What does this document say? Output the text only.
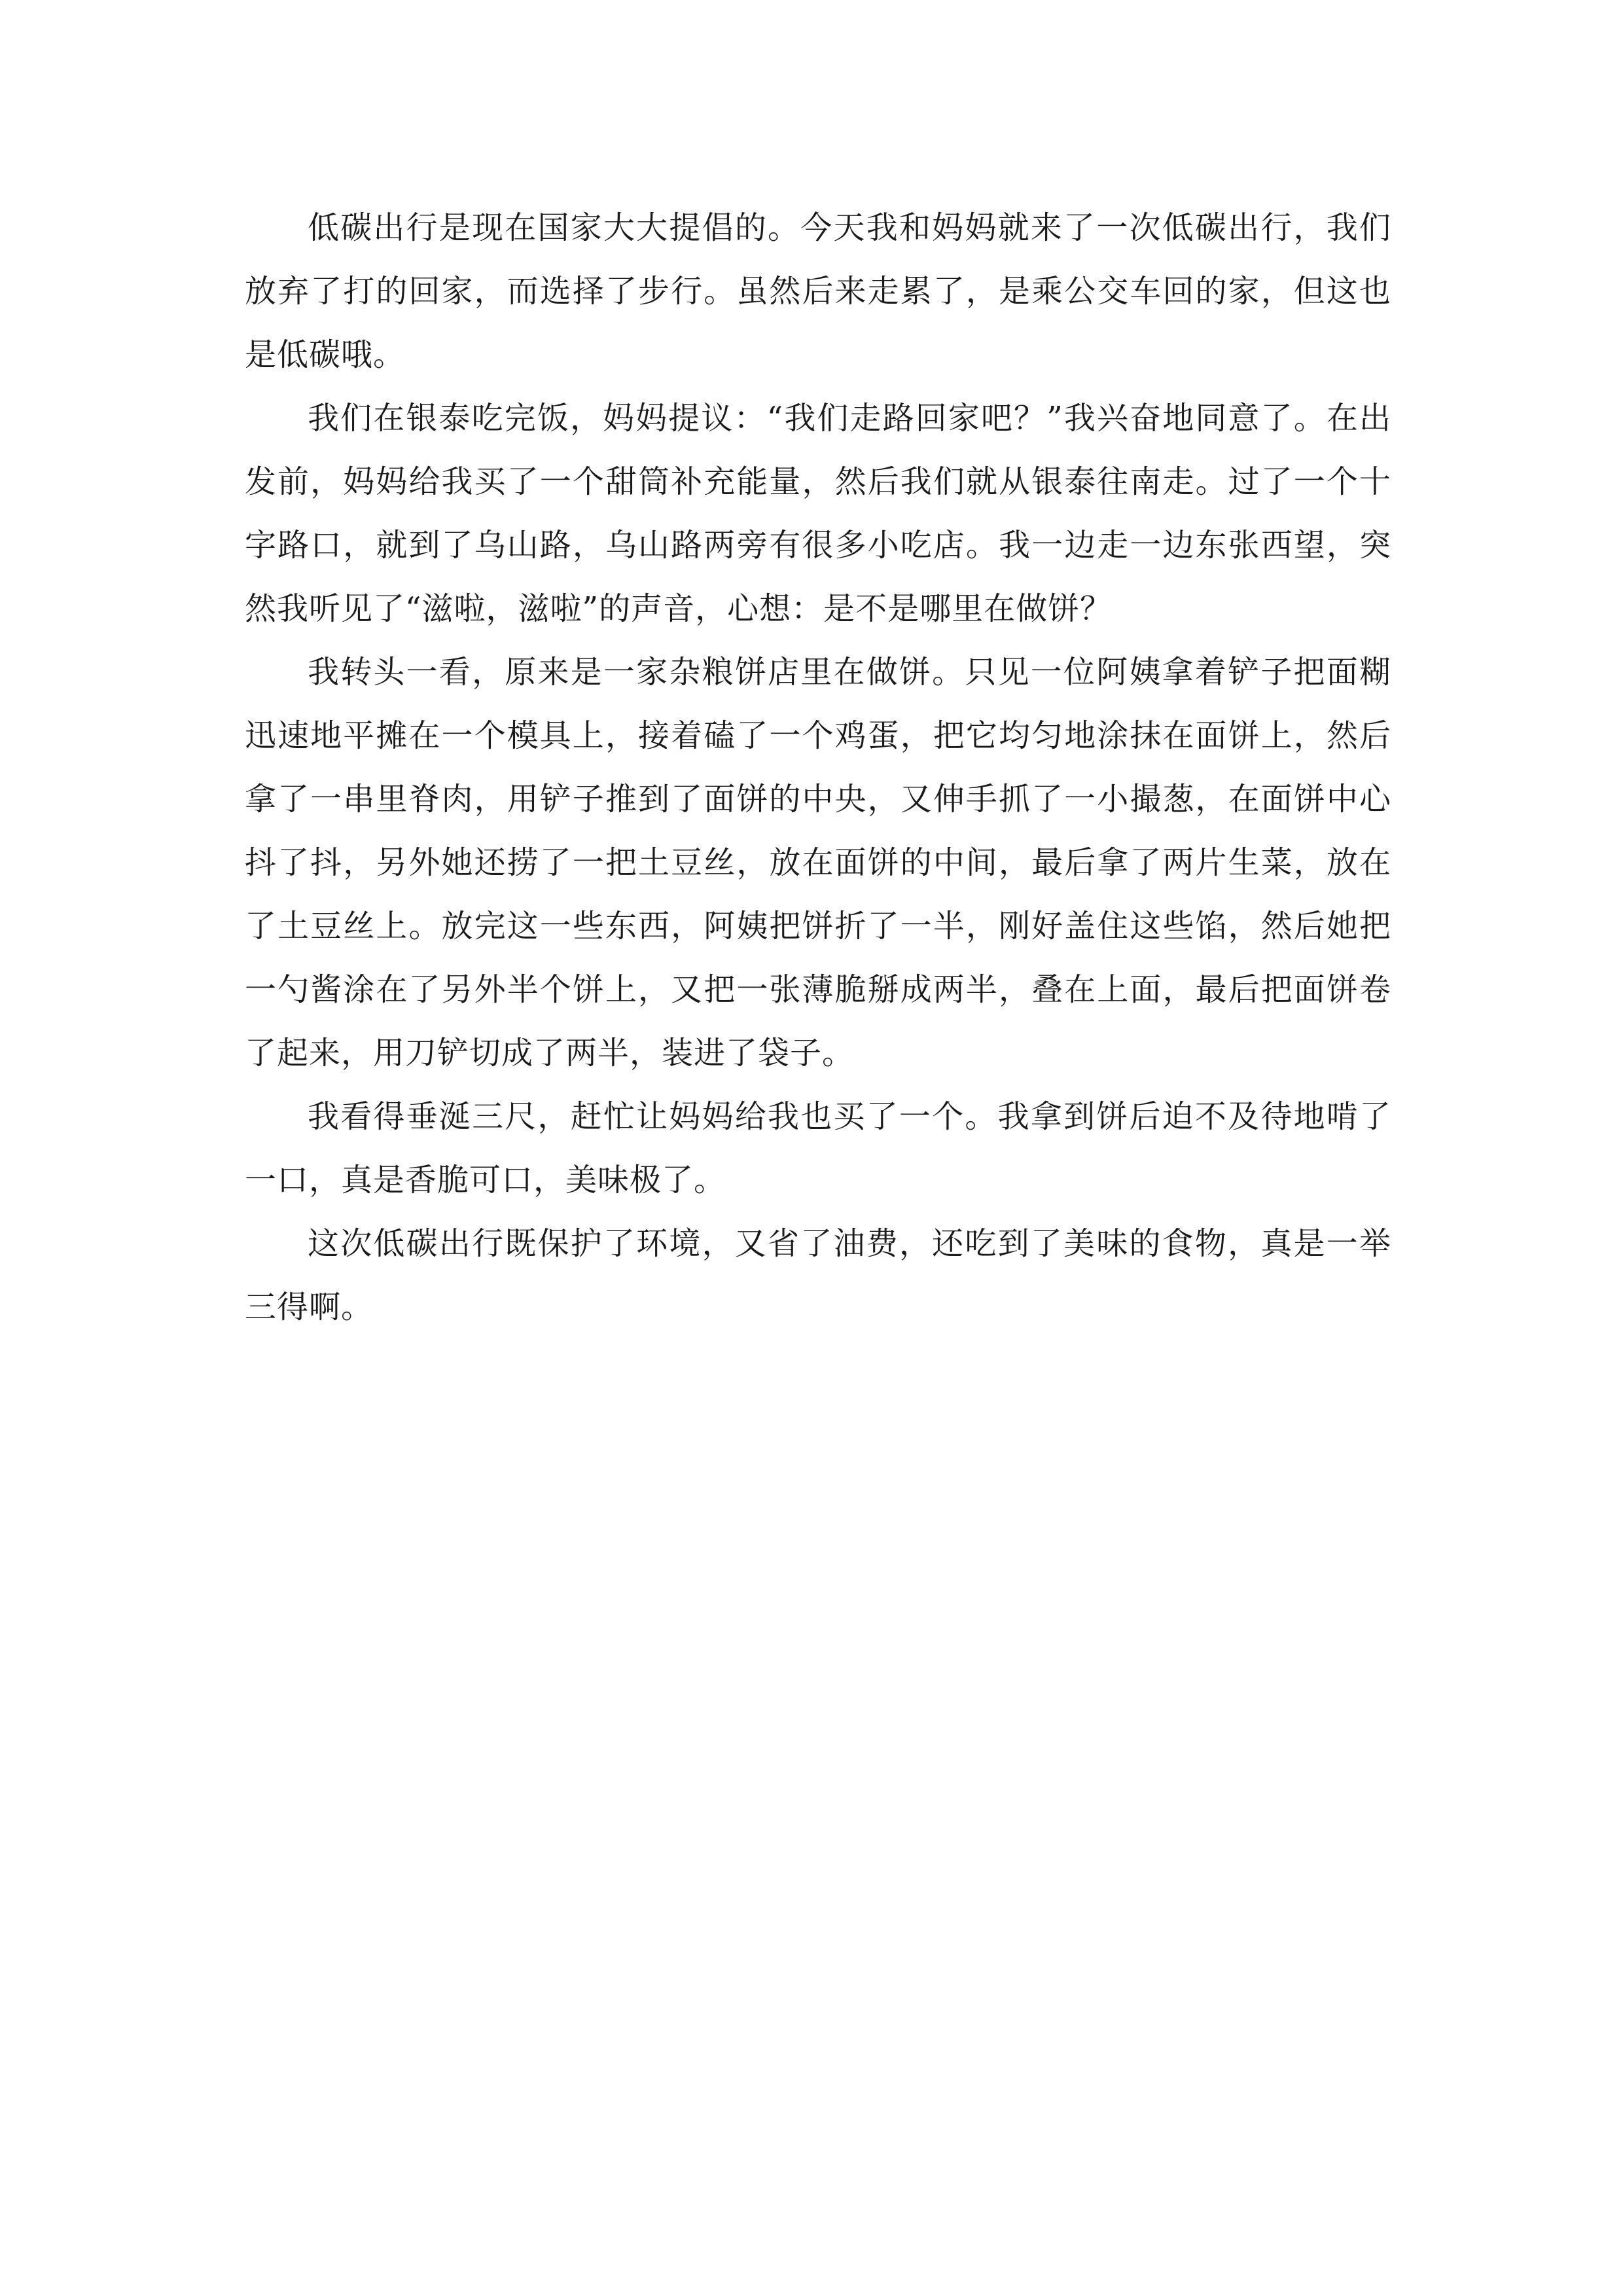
低碳出行是现在国家大大提倡的。今天我和妈妈就来了一次低碳出行，我们放弃了打的回家，而选择了步行。虽然后来走累了，是乘公交车回的家，但这也是低碳哦。

我们在银泰吃完饭，妈妈提议：“我们走路回家吧？”我兴奋地同意了。在出发前，妈妈给我买了一个甜筒补充能量，然后我们就从银泰往南走。过了一个十字路口，就到了乌山路，乌山路两旁有很多小吃店。我一边走一边东张西望，突然我听见了“滋啦，滋啦”的声音，心想：是不是哪里在做饼？

我转头一看，原来是一家杂粮饼店里在做饼。只见一位阿姨拿着铲子把面糊迅速地平摊在一个模具上，接着磕了一个鸡蛋，把它均匀地涂抹在面饼上，然后拿了一串里脊肉，用铲子推到了面饼的中央，又伸手抓了一小撮葱，在面饼中心抖了抖，另外她还捞了一把土豆丝，放在面饼的中间，最后拿了两片生菜，放在了土豆丝上。放完这一些东西，阿姨把饼折了一半，刚好盖住这些馅，然后她把一勺酱涂在了另外半个饼上，又把一张薄脆掰成两半，叠在上面，最后把面饼卷了起来，用刀铲切成了两半，装进了袋子。

我看得垂涎三尺，赶忙让妈妈给我也买了一个。我拿到饼后迫不及待地啃了一口，真是香脆可口，美味极了。

这次低碳出行既保护了环境，又省了油费，还吃到了美味的食物，真是一举三得啊。
